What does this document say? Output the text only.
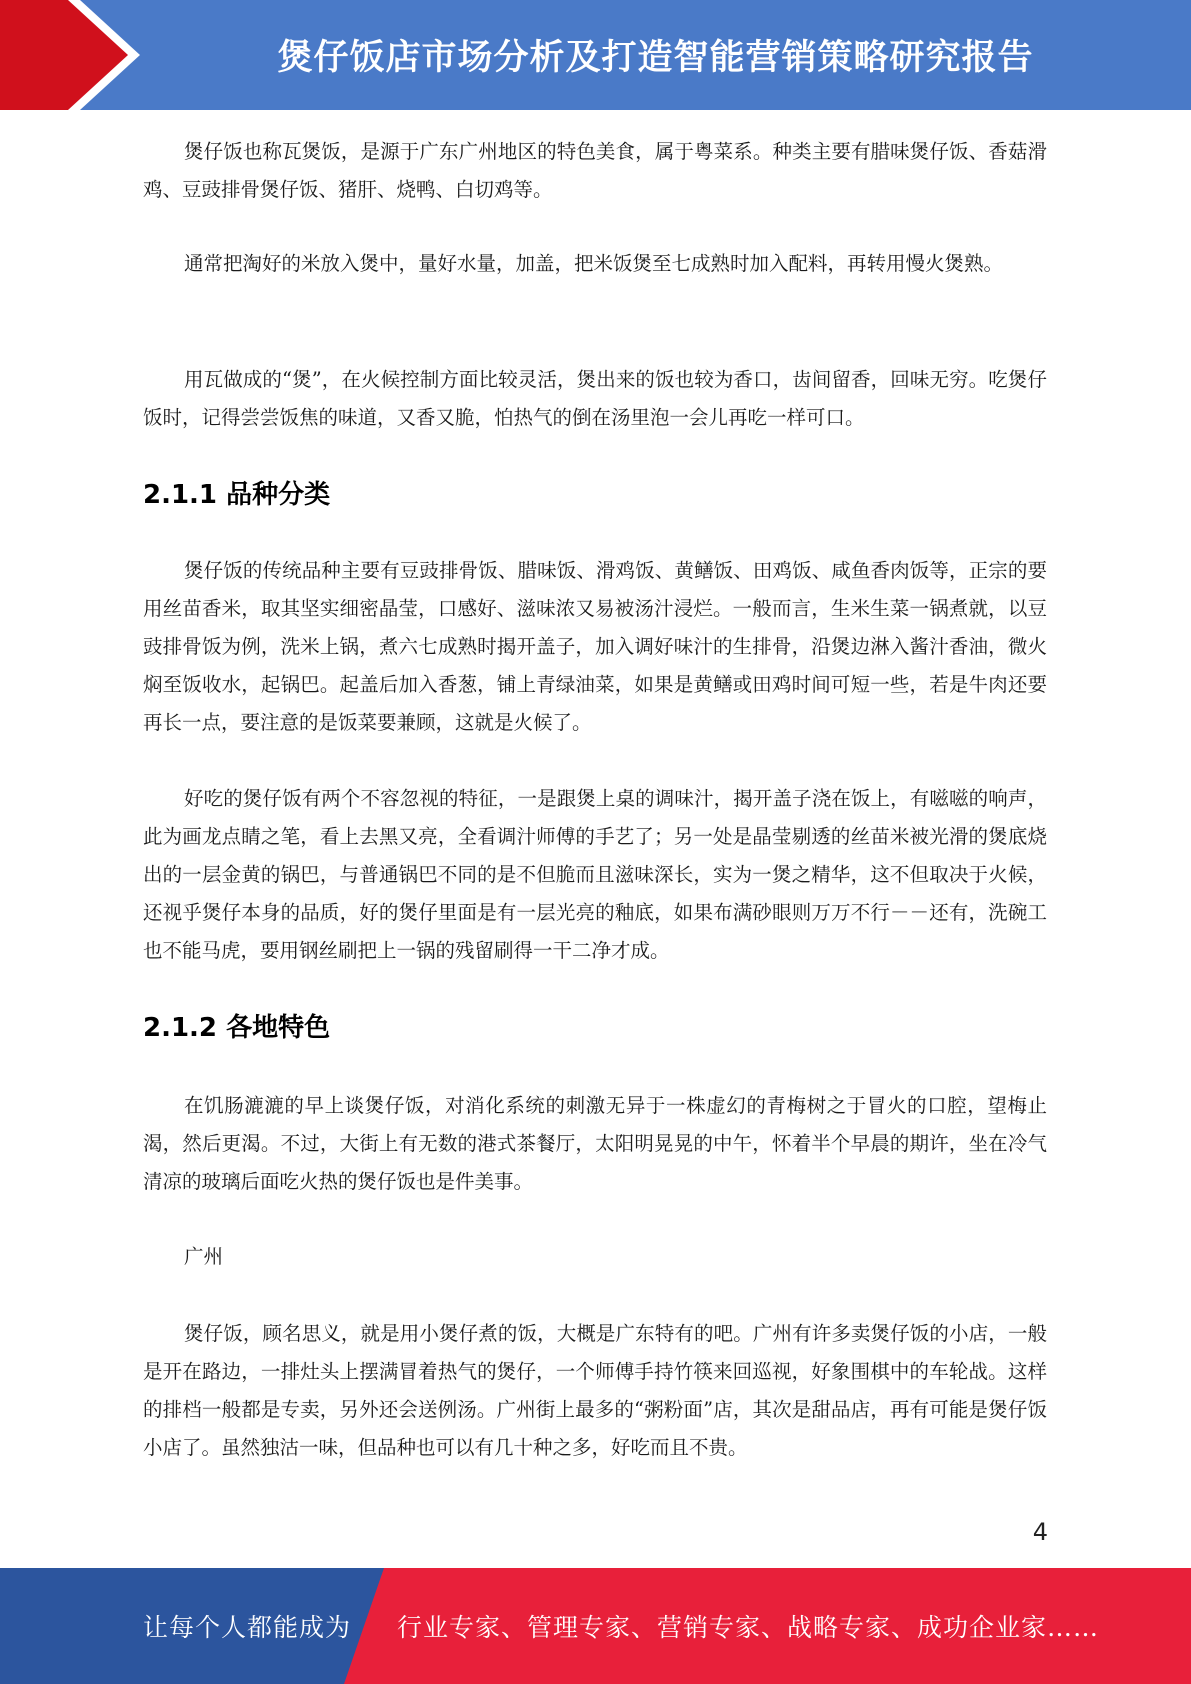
煲仔饭店市场分析及打造智能营销策略研究报告

煲仔饭也称瓦煲饭，是源于广东广州地区的特色美食，属于粤菜系。种类主要有腊味煲仔饭、香菇滑鸡、豆豉排骨煲仔饭、猪肝、烧鸭、白切鸡等。

通常把淘好的米放入煲中，量好水量，加盖，把米饭煲至七成熟时加入配料，再转用慢火煲熟。

用瓦做成的“煲”，在火候控制方面比较灵活，煲出来的饭也较为香口，齿间留香，回味无穷。吃煲仔饭时，记得尝尝饭焦的味道，又香又脆，怕热气的倒在汤里泡一会儿再吃一样可口。

2.1.1 品种分类

煲仔饭的传统品种主要有豆豉排骨饭、腊味饭、滑鸡饭、黄鳝饭、田鸡饭、咸鱼香肉饭等，正宗的要用丝苗香米，取其坚实细密晶莹，口感好、滋味浓又易被汤汁浸烂。一般而言，生米生菜一锅煮就，以豆豉排骨饭为例，洗米上锅，煮六七成熟时揭开盖子，加入调好味汁的生排骨，沿煲边淋入酱汁香油，微火焖至饭收水，起锅巴。起盖后加入香葱，铺上青绿油菜，如果是黄鳝或田鸡时间可短一些，若是牛肉还要再长一点，要注意的是饭菜要兼顾，这就是火候了。

好吃的煲仔饭有两个不容忽视的特征，一是跟煲上桌的调味汁，揭开盖子浇在饭上，有嗞嗞的响声，此为画龙点睛之笔，看上去黑又亮，全看调汁师傅的手艺了；另一处是晶莹剔透的丝苗米被光滑的煲底烧出的一层金黄的锅巴，与普通锅巴不同的是不但脆而且滋味深长，实为一煲之精华，这不但取决于火候，还视乎煲仔本身的品质，好的煲仔里面是有一层光亮的釉底，如果布满砂眼则万万不行－－还有，洗碗工也不能马虎，要用钢丝刷把上一锅的残留刷得一干二净才成。

2.1.2 各地特色

在饥肠漉漉的早上谈煲仔饭，对消化系统的刺激无异于一株虚幻的青梅树之于冒火的口腔，望梅止渴，然后更渴。不过，大街上有无数的港式茶餐厅，太阳明晃晃的中午，怀着半个早晨的期许，坐在冷气清凉的玻璃后面吃火热的煲仔饭也是件美事。

广州

煲仔饭，顾名思义，就是用小煲仔煮的饭，大概是广东特有的吧。广州有许多卖煲仔饭的小店，一般是开在路边，一排灶头上摆满冒着热气的煲仔，一个师傅手持竹筷来回巡视，好象围棋中的车轮战。这样的排档一般都是专卖，另外还会送例汤。广州街上最多的“粥粉面”店，其次是甜品店，再有可能是煲仔饭小店了。虽然独沽一味，但品种也可以有几十种之多，好吃而且不贵。

4
让每个人都能成为 行业专家、管理专家、营销专家、战略专家、成功企业家……
